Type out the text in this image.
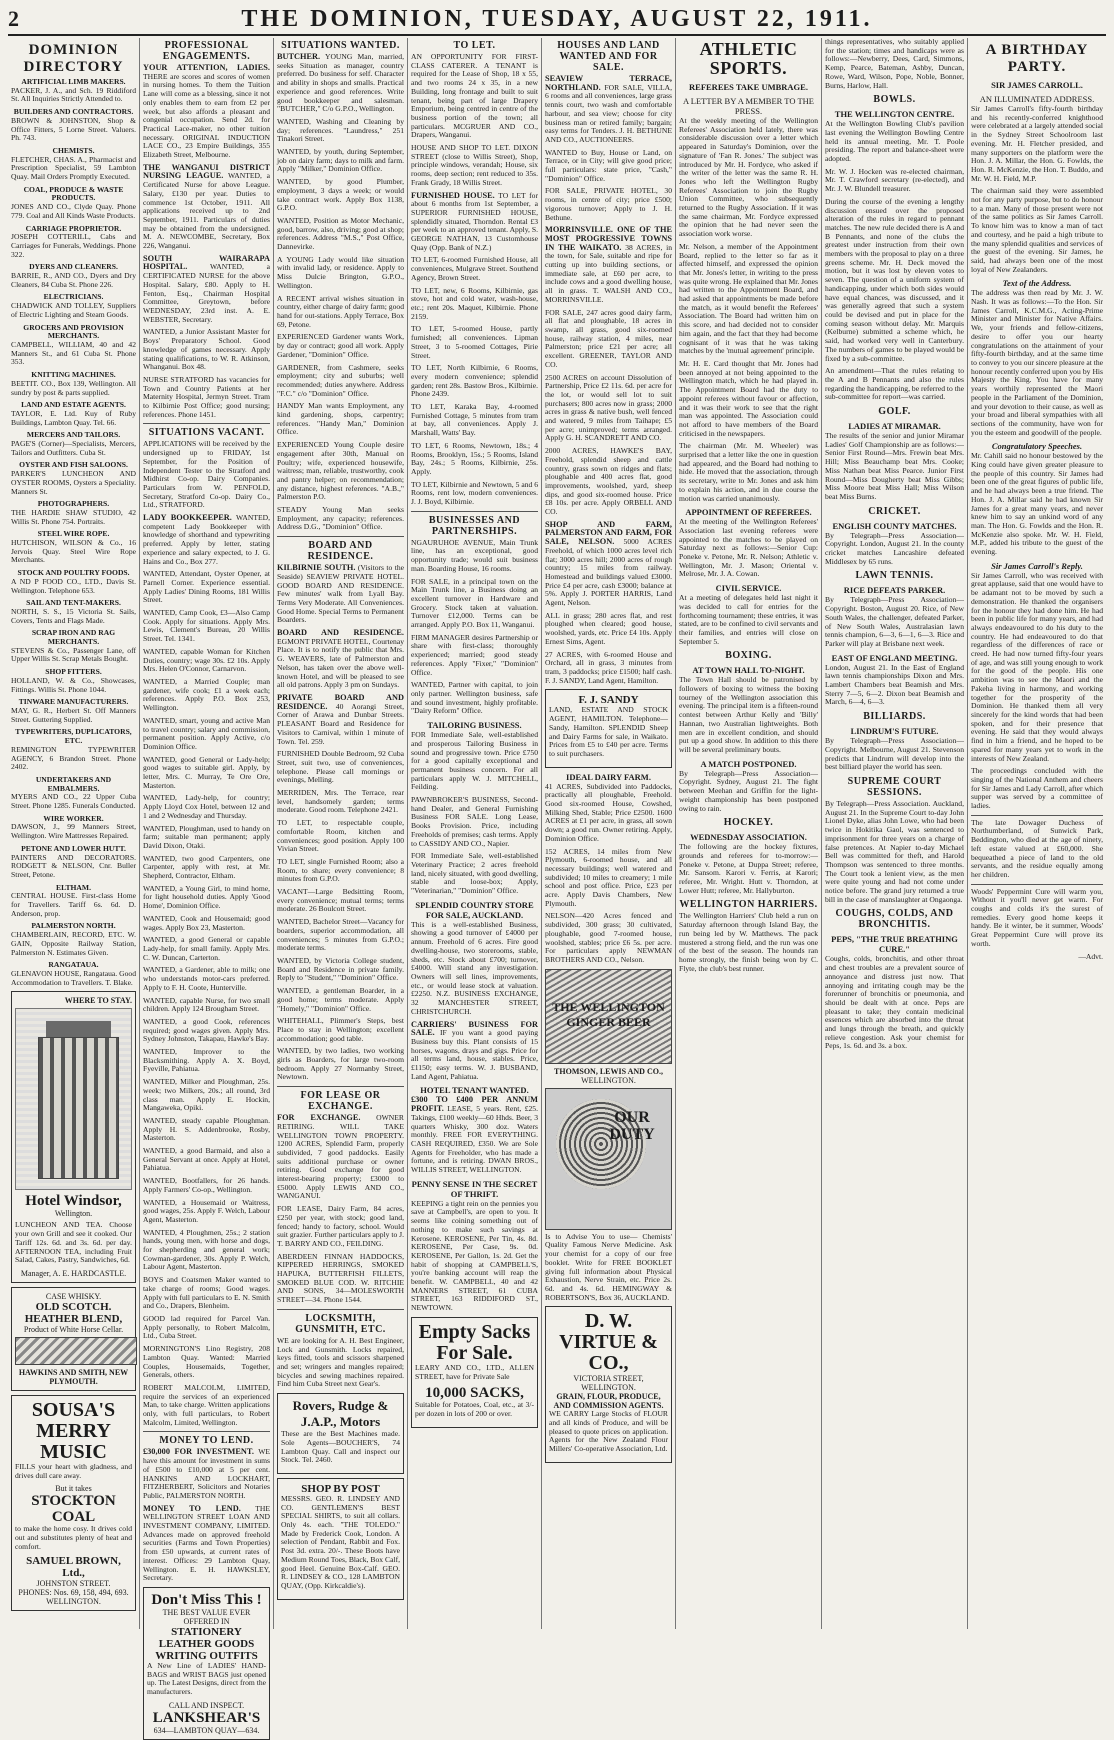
2	THE DOMINION, TUESDAY, AUGUST 22, 1911.
DOMINION DIRECTORY

ARTIFICIAL LIMB MAKERS.
PACKER, J. A., and Sch. 19 Riddiford St. All Inquiries Strictly Attended to.

BUILDERS AND CONTRACTORS.
BROWN & JOHNSTON, Shop & Office Fitters, 5 Lorne Street. Valuers. Ph. 743.

CHEMISTS.
FLETCHER, CHAS. A., Pharmacist and Prescription Specialist, 59 Lambton Quay. Mail Orders Promptly Executed.

COAL, PRODUCE & WASTE PRODUCTS.
JONES AND CO., Clyde Quay. Phone 779. Coal and All Kinds Waste Products.

CARRIAGE PROPRIETOR.
JOSEPH COTTERILL, Cabs and Carriages for Funerals, Weddings. Phone 322.

DYERS AND CLEANERS.
BARRIE, R., AND CO., Dyers and Dry Cleaners, 84 Cuba St. Phone 226.

ELECTRICIANS.
CHADWICK AND TOLLEY, Suppliers of Electric Lighting and Steam Goods.

GROCERS AND PROVISION MERCHANTS.
CAMPBELL, WILLIAM, 40 and 42 Manners St., and 61 Cuba St. Phone 353.

KNITTING MACHINES.
BEETIT. CO., Box 139, Wellington. All sundry by post & parts supplied.

LAND AND ESTATE AGENTS.
TAYLOR, E. Ltd. Kuy of Ruby Buildings, Lambton Quay. Tel. 66.

MERCERS AND TAILORS.
PAGE'S (Corner)—Specialists, Mercers, Tailors and Outfitters. Cuba St.

OYSTER AND FISH SALOONS.
PARKER'S LUNCHEON AND OYSTER ROOMS, Oysters a Speciality. Manners St.

PHOTOGRAPHERS.
THE HARDIE SHAW STUDIO, 42 Willis St. Phone 754. Portraits.

STEEL WIRE ROPE.
HUTCHISON, WILSON & Co., 16 Jervois Quay. Steel Wire Rope Merchants.

STOCK AND POULTRY FOODS.
A ND P FOOD CO., LTD., Davis St. Wellington. Telephone 653.

SAIL AND TENT-MAKERS.
NORTH, S. S., 15 Victoria St. Sails, Covers, Tents and Flags Made.

SCRAP IRON AND RAG MERCHANTS.
STEVENS & Co., Passenger Lane, off Upper Willis St. Scrap Metals Bought.

SHOP FITTERS.
HOLLAND, W. & Co., Showcases, Fittings. Willis St. Phone 1044.

TINWARE MANUFACTURERS.
MAY, G. R., Herbert St. Off Manners Street. Guttering Supplied.

TYPEWRITERS, DUPLICATORS, ETC.
REMINGTON TYPEWRITER AGENCY, 6 Brandon Street. Phone 2402.

UNDERTAKERS AND EMBALMERS.
MYERS AND CO., 22 Upper Cuba Street. Phone 1285. Funerals Conducted.

WIRE WORKER.
DAWSON, J., 99 Manners Street, Wellington. Wire Mattresses Repaired.

PETONE AND LOWER HUTT.
PAINTERS AND DECORATORS. RODGETT & NELSON, Cnr. Buller Street, Petone.

ELTHAM.
CENTRAL HOUSE. First-class Home for Travellers. Tariff 6s. 6d. D. Anderson, prop.

PALMERSTON NORTH.
CHAMBERLAIN, RECORD, ETC. W. GAIN, Opposite Railway Station, Palmerston N. Estimates Given.

RANGATAUA.
GLENAVON HOUSE, Rangataua. Good Accommodation to Travellers. T. Blake.

WHERE TO STAY.
Hotel Windsor,
Wellington.
LUNCHEON AND TEA. Choose your own Grill and see it cooked. Our Tariff 12s. 6d. and 3s. 6d. per day. AFTERNOON TEA, including Fruit Salad, Cakes, Pastry, Sandwiches, 6d.
Manager, A. E. HARDCASTLE.
CASE WHISKY.
OLD SCOTCH.
HEATHER BLEND,
Product of White Horse Cellar.
HAWKINS AND SMITH, NEW PLYMOUTH.
SOUSA'S MERRY MUSIC
FILLS your heart with gladness, and drives dull care away.
But it takes
STOCKTON COAL
to make the home cosy. It drives cold out and substitutes plenty of heat and comfort.
SAMUEL BROWN, Ltd.,
JOHNSTON STREET.
PHONES: Nos. 69, 158, 494, 693.
WELLINGTON.
PROFESSIONAL ENGAGEMENTS.

YOUR ATTENTION, LADIES. THERE are scores and scores of women in nursing homes. To them the Tuition Lane will come as a blessing, since it not only enables them to earn from £2 per week, but also affords a pleasant and congenial occupation. Send 2d. for Practical Lace-maker, no other tuition necessary. ORIGINAL INDUCTION LACE CO., 23 Empire Buildings, 355 Elizabeth Street, Melbourne.

THE WANGANUI DISTRICT NURSING LEAGUE. WANTED, a Certificated Nurse for above League. Salary, £130 per year. Duties to commence 1st October, 1911. All applications received up to 2nd September, 1911. Particulars of duties may be obtained from the undersigned. M. A. NEWCOMBE, Secretary, Box 226, Wanganui.

SOUTH WAIRARAPA HOSPITAL.	WANTED, a CERTIFICATED NURSE for the above Hospital. Salary, £80. Apply to H. Fenton, Esq., Chairman Hospital Committee, Greytown, before WEDNESDAY, 23rd inst. A. E. WEBSTER, Secretary.

WANTED, a Junior Assistant Master for Boys' Preparatory School. Good knowledge of games necessary. Apply stating qualifications, to W. R. Atkinson, Whanganui. Box 48.

NURSE STRATFORD has vacancies for Town and Country Patients at her Maternity Hospital, Jermyn Street. Tram to Kilbirnie Post Office; good nursing; references. Phone 1451.

SITUATIONS VACANT.

APPLICATIONS will be received by the undersigned up to FRIDAY, 1st September, for the Position of Independent Tester to the Stratford and Midhirst Co-op. Dairy Companies. Particulars from W. PENFOLD, Secretary, Stratford Co-op. Dairy Co., Ltd., STRATFORD.

LADY BOOKKEEPER. WANTED, competent Lady Bookkeeper with knowledge of shorthand and typewriting preferred. Apply by letter, stating experience and salary expected, to J. G. Hains and Co., Box 277.

WANTED, Attendant, Oyster Opener, at Parnell Corner. Experience essential. Apply Ladies' Dining Rooms, 181 Willis Street.

WANTED, Camp Cook, £3—Also Camp Cook. Apply for situations. Apply Mrs. Lewis, Clement's Bureau, 20 Willis Street. Tel. 1341.

WANTED, capable Woman for Kitchen Duties, country; wage 30s. £2 10s. Apply Mrs. Helen O'Connor, Carnarvon.

WANTED, a Married Couple; man gardener, wife cook; £1 a week each; references. Apply P.O. Box 253, Wellington.

WANTED, smart, young and active Man to travel country; salary and commission, permanent position. Apply Active, c/o Dominion Office.

WANTED, good General or Lady-help; good wages to suitable girl. Apply, by letter, Mrs. C. Murray, Te Ore Ore, Masterton.

WANTED, Lady-help, for country; Apply Lloyd Cox Hotel, between 12 and 1 and 2 Wednesday and Thursday.

WANTED, Ploughman, used to handy on farm; suitable man permanent; apply David Dixon, Otaki.

WANTED, two good Carpenters, one Carpenter, apply with rest, at Mr. Shepherd, Contractor, Eltham.

WANTED, a Young Girl, to mind home, for light household duties. Apply 'Good Home', Dominion Office.

WANTED, Cook and Housemaid; good wages. Apply Box 23, Masterton.

WANTED, a good General or capable Lady-help, for small family. Apply Mrs. C. W. Duncan, Carterton.

WANTED, a Gardener, able to milk; one who understands motor-cars preferred. Apply to F. H. Coote, Hunterville.

WANTED, capable Nurse, for two small children. Apply 124 Brougham Street.

WANTED, a good Cook, references required; good wages given. Apply Mrs. Sydney Johnston, Takapau, Hawke's Bay.

WANTED, Improver to the Blacksmithing. Apply A. X. Boyd, Fyeville, Pahiatua.

WANTED, Milker and Ploughman, 25s. week; two Milkers, 20s.; all round, 3rd class man. Apply E. Hockin, Mangaweka, Opiki.

WANTED, steady capable Ploughman. Apply H. S. Addenbrooke, Rosby, Masterton.

WANTED, a good Barmaid, and also a General Servant at once. Apply at Hotel, Pahiatua.

WANTED, Bootfallers, for 26 hands. Apply Farmers' Co-op., Wellington.

WANTED, a Housemaid or Waitress, good wages, 25s. Apply F. Welch, Labour Agent, Masterton.

WANTED, 4 Ploughmen, 25s.; 2 station hands, young men, with horse and dogs, for shepherding and general work; Cowman-gardener, 30s. Apply P. Welch, Labour Agent, Masterton.

BOYS and Coatsmen Maker wanted to take charge of rooms; Good wages. Apply with full particulars to E. N. Smith and Co., Drapers, Blenheim.

GOOD lad required for Parcel Van. Apply personally, to Robert Malcolm, Ltd., Cuba Street.

MORNINGTON'S Lino Registry, 208 Lambton Quay. Wanted: Married Couples, Housemaids, Together, Generals, others.

ROBERT MALCOLM, LIMITED, require the services of an experienced Man, to take charge. Written applications only, with full particulars, to Robert Malcolm, Limited, Wellington.

MONEY TO LEND.

£30,000 FOR INVESTMENT. WE have this amount for investment in sums of £500 to £10,000 at 5 per cent. HANKINS AND LOCKHART, FITZHERBERT, Solicitors and Notaries Public, PALMERSTON NORTH.

MONEY TO LEND. THE WELLINGTON STREET LOAN AND INVESTMENT COMPANY, LIMITED. Advances made on approved freehold securities (Farms and Town Properties) from £50 upwards, at current rates of interest. Offices: 29 Lambton Quay, Wellington. E. H. HAWKSLEY, Secretary.

Don't Miss This !
THE BEST VALUE EVER OFFERED IN
STATIONERY LEATHER GOODS WRITING OUTFITS
A New Line of LADIES' HAND-BAGS and WRIST BAGS just opened up. The Latest Designs, direct from the manufacturers.
CALL AND INSPECT.
LANKSHEAR'S
634—LAMBTON QUAY—634.
SITUATIONS WANTED.

BUTCHER. YOUNG Man, married, seeks Situation as manager, country preferred. Do business for self. Character and ability in shops and smalls. Practical experience and good references. Write good bookkeeper and salesman. "BUTCHER," C/o G.P.O., Wellington.

WANTED, Washing and Cleaning by day; references. "Laundress," 251 Tinakori Street.

WANTED, by youth, during September, job on dairy farm; days to milk and farm. Apply "Milker," Dominion Office.

WANTED, by good Plumber, employment, 3 days a week; or would take contract work. Apply Box 1138, G.P.O.

WANTED, Position as Motor Mechanic, good, barrow, also, driving; good at shop; references. Address "M.S.," Post Office, Dannevirke.

A YOUNG Lady would like situation with invalid lady, or residence. Apply to Miss Dulcie Brington, G.P.O., Wellington.

A RECENT arrival wishes situation in country, either charge of dairy farm; good hand for out-stations. Apply Terrace, Box 69, Petone.

EXPERIENCED Gardener wants Work, by day or contract; good all work. Apply Gardener, "Dominion" Office.

GARDENER, from Cashmere, seeks employment; city and suburbs; well recommended; duties anywhere. Address "F.C." c/o "Dominion" Office.

HANDY Man wants Employment, any kind gardening, shops, carpentry; references. "Handy Man," Dominion Office.

EXPERIENCED Young Couple desire engagement after 30th, Manual on Poultry; wife, experienced housewife, waitress; man, reliable, trustworthy, cook and pantry helper; on recommendation; any distance, highest references. "A.B.," Palmerston P.O.

STEADY Young Man seeks Employment, any capacity; references. Address D.G., "Dominion" Office.

BOARD AND RESIDENCE.

KILBIRNIE SOUTH. (Visitors to the Seaside) SEAVIEW PRIVATE HOTEL. GOOD BOARD AND RESIDENCE. Few minutes' walk from Lyall Bay. Terms Very Moderate. All Conveniences. Good Home. Special Terms to Permanent Boarders.

BOARD AND RESIDENCE. EGMONT PRIVATE HOTEL, Courtenay Place. It is to notify the public that Mrs. G. WEAVERS, late of Palmerston and Nelson, has taken over the above well-known Hotel, and will be pleased to see all old patrons. Apply 3 pm on Sundays.

PRIVATE BOARD AND RESIDENCE. 40 Aorangi Street, Corner of Arawa and Dunbar Streets. PLEASANT Board and Residence for Visitors to Carnival, within 1 minute of Town. Tel. 259.

FURNISHED Double Bedroom, 92 Cuba Street, suit two, use of conveniences, telephone. Please call mornings or evenings, Melling.

MERRIDEN, Mrs. The Terrace, rear level, handsomely garden; terms moderate. Good room. Telephone 2421.

TO LET, to respectable couple, comfortable Room, kitchen and conveniences; good position. Apply 100 Vivian Street.

TO LET, single Furnished Room; also a Room, to share; every convenience; 8 minutes from G.P.O.

VACANT—Large Bedsitting Room, every convenience; mutual terms; terms moderate. 26 Boulcott Street.

WANTED, Bachelor Street—Vacancy for boarders, superior accommodation, all conveniences; 5 minutes from G.P.O.; moderate terms.

WANTED, by Victoria College student, Board and Residence in private family. Reply to "Student," "Dominion" Office.

WANTED, a gentleman Boarder, in a good home; terms moderate. Apply "Homely," "Dominion" Office.

WHITEHALL, Plimmer's Steps, best Place to stay in Wellington; excellent accommodation; good table.

WANTED, by two ladies, two working girls as Boarders, for large two-room bedroom. Apply 27 Normanby Street, Newtown.

FOR LEASE OR EXCHANGE.

FOR EXCHANGE. OWNER RETIRING. WILL TAKE WELLINGTON TOWN PROPERTY. 1200 ACRES, Splendid Farm, properly subdivided, 7 good paddocks. Easily suits additional purchase or owner retiring. Good exchange for good interest-bearing property; £3000 to £5000. Apply LEWIS AND CO., WANGANUI.

FOR LEASE, Dairy Farm, 84 acres, £250 per year, with stock; good land, fenced; handy to factory, school. Would suit grazier. Further particulars apply to J. T. BARRY AND CO., FEILDING.

ABERDEEN FINNAN HADDOCKS, KIPPERED HERRINGS, SMOKED HAPUKA, BUTTERFISH FILLETS, SMOKED BLUE COD. W. RITCHIE AND SONS, 34—MOLESWORTH STREET—34. Phone 1544.

LOCKSMITH, GUNSMITH, ETC.
WE are looking for A. H. Best Engineer, Lock and Gunsmith. Locks repaired, keys fitted, tools and scissors sharpened and set; wringers and mangles repaired; bicycles and sewing machines repaired. Find him Cuba Street next Gear's.
Rovers, Rudge & J.A.P., Motors
These are the Best Machines made. Sole Agents—BOUCHER'S, 74 Lambton Quay. Call and inspect our Stock. Tel. 2460.
SHOP BY POST
MESSRS. GEO. R. LINDSEY AND CO. GENTLEMEN'S BEST SPECIAL SHIRTS, to suit all collars. Only 4s. each. "THE TOLEDO." Made by Frederick Cook, London. A selection of Pendant, Rabbit and Fox. Post 3d. extra. 20/-. These Boots have Medium Round Toes, Black, Box Calf, good Heel. Genuine Box-Calf. GEO. R. LINDSEY & CO., 128 LAMBTON QUAY, (Opp. Kirkcaldie's).
TO LET.

AN OPPORTUNITY FOR FIRST-CLASS CATERER. A TENANT is required for the Lease of Shop, 18 x 55, and two rooms 24 x 35, in a new Building, long frontage and built to suit tenant, being part of large Drapery Emporium, being centred in centre of the business portion of the town; all particulars. MCGRUER AND CO., Drapers, Wanganui.

HOUSE AND SHOP TO LET. DIXON STREET (close to Willis Street), Shop, principle windows, verandah; House, six rooms, deep section; rent reduced to 35s. Frank Grady, 18 Willis Street.

FURNISHED HOUSE. TO LET for about 6 months from 1st September, a SUPERIOR FURNISHED HOUSE, splendidly situated, Thorndon. Rental £3 per week to an approved tenant. Apply, S. GEORGE NATHAN, 13 Customhouse Quay (Opp. Bank of N.Z.)

TO LET, 6-roomed Furnished House, all conveniences, Mulgrave Street. Southend Agency, Brown Street.

TO LET, new, 6 Rooms, Kilbirnie, gas stove, hot and cold water, wash-house, etc.; rent 20s. Maquet, Kilbirnie. Phone 2159.

TO LET, 5-roomed House, partly furnished; all conveniences. Lipman Street, 3 to 5-roomed Cottages, Pirie Street.

TO LET, North Kilbirnie, 6 Rooms, every modern convenience; splendid garden; rent 28s. Bastow Bros., Kilbirnie. Phone 2439.

TO LET, Karaka Bay, 4-roomed Furnished Cottage, 5 minutes from tram at bay, all conveniences. Apply J. Marshall, Watts' Bay.

TO LET, 6 Rooms, Newtown, 18s.; 4 Rooms, Brooklyn, 15s.; 5 Rooms, Island Bay, 24s.; 5 Rooms, Kilbirnie, 25s. Apply.

TO LET, Kilbirnie and Newtown, 5 and 6 Rooms, rent low, modern conveniences. J. J. Boyd, Kilbirnie.

BUSINESSES AND PARTNERSHIPS.

NGAURUHOE AVENUE, Main Trunk line, has an exceptional, good opportunity trade; would suit business man. Boarding House, 16 rooms.

FOR SALE, in a principal town on the Main Trunk line, a Business doing an excellent turnover in Hardware and Grocery. Stock taken at valuation. Turnover £12,000. Terms can be arranged. Apply P.O. Box 11, Wanganui.

FIRM MANAGER desires Partnership or share with first-class; thoroughly experienced; married; good steady references. Apply "Fixer," "Dominion" Office.

WANTED, Partner with capital, to join only partner. Wellington business, safe and sound investment, highly profitable. "Dairy Reform" Office.

TAILORING BUSINESS.

FOR Immediate Sale, well-established and prosperous Tailoring Business in sound and progressive town. Price £750 for a good capitally exceptional and permanent business concern. For all particulars apply W. J. MITCHELL, Feilding.

PAWNBROKER'S BUSINESS, Second-hand Dealer, and General Furnishing Business FOR SALE. Long Lease, Books Provision. Price, including Freeholds of premises; cash terms. Apply to CASSIDY AND CO., Napier.

FOR Immediate Sale, well-established Veterinary Practice; 2 acres freehold land, nicely situated, with good dwelling, stable and loose-box; Apply, "Veterinarian," "Dominion" Office.

SPLENDID COUNTRY STORE FOR SALE, AUCKLAND.

This is a well-established Business, showing a good turnover of £4000 per annum. Freehold of 6 acres. Fire good dwelling-house, two storerooms, stable, sheds, etc. Stock about £700; turnover, £4000. Will stand any investigation. Owners will sell lines, improvements, etc., or would lease stock at valuation. £2250. N.Z. BUSINESS EXCHANGE, 32 MANCHESTER STREET, CHRISTCHURCH.

CARRIERS' BUSINESS FOR SALE. IF you want a good paying Business buy this. Plant consists of 15 horses, wagons, drays and gigs. Price for all terms land, house, stables. Price, £1150; easy terms. W. J. BUSBAND, Land Agent, Pahiatua.

HOTEL TENANT WANTED.

£300 TO £400 PER ANNUM PROFIT. LEASE, 5 years. Rent, £25. Takings, £100 weekly—60 Hhds. Beer, 3 quarters Whisky, 300 doz. Waters monthly. FREE FOR EVERYTHING. CASH REQUIRED, £350. We are Sole Agents for Freeholder, who has made a fortune, and is retiring. DWAN BROS., WILLIS STREET, WELLINGTON.

PENNY SENSE IN THE SECRET OF THRIFT.

KEEPING a tight rein on the pennies you save at Campbell's, are open to you. It seems like coining something out of nothing to make such savings at Kerosene. KEROSENE, Per Tin, 4s. 8d. KEROSENE, Per Case, 9s. 0d. KEROSENE, Per Gallon, 1s. 2d. Get the habit of shopping at CAMPBELL'S, you're banking account will reap the benefit. W. CAMPBELL, 40 and 42 MANNERS STREET, 61 CUBA STREET, 163 RIDDIFORD ST., NEWTOWN.

Empty Sacks For Sale.
LEARY AND CO., LTD., ALLEN STREET, have for Private Sale
10,000 SACKS,
Suitable for Potatoes, Coal, etc., at 3/- per dozen in lots of 200 or over.
HOUSES AND LAND WANTED AND FOR SALE.

SEAVIEW TERRACE, NORTHLAND. FOR SALE, VILLA, 6 rooms and all conveniences, large grass tennis court, two wash and comfortable harbour, and sea view; choose for city business man or retired family; bargain; easy terms for Tenders. J. H. BETHUNE AND CO., AUCTIONEERS.

WANTED to Buy, House or Land, on Terrace, or in City; will give good price; full particulars: state price, "Cash," "Dominion" Office.

FOR SALE, PRIVATE HOTEL, 30 rooms, in centre of city; price £500; vigorous turnover; Apply to J. H. Bethune.

MORRINSVILLE. ONE OF THE MOST PROGRESSIVE TOWNS IN THE WAIKATO. 38 ACRES, in the town, for Sale, suitable and ripe for cutting up into building sections, or immediate sale, at £60 per acre, to include cows and a good dwelling house, all in grass. T. WALSH AND CO., MORRINSVILLE.

FOR SALE, 247 acres good dairy farm, all flat and ploughable, 18 acres in swamp, all grass, good six-roomed house, railway station, 4 miles, near Palmerston; price £21 per acre; all excellent. GREENER, TAYLOR AND CO.

2500 ACRES on account Dissolution of Partnership, Price £2 11s. 6d. per acre for the lot, or would sell lot to suit purchasers; 800 acres now in grass; 2000 acres in grass & native bush, well fenced and watered, 9 miles from Taihape; £5 per acre; unimproved; terms arranged. Apply G. H. SCANDRETT AND CO.

2000 ACRES, HAWKE'S BAY, Freehold, splendid sheep and cattle country, grass sown on ridges and flats; ploughable and 400 acres flat, good improvements, woolshed, yard, sheep dips, and good six-roomed house. Price £8 10s. per acre. Apply ORBELL AND CO.

SHOP AND FARM, PALMERSTON AND FARM, FOR SALE, NELSON. 5000 ACRES Freehold, of which 1000 acres level rich flat; 3000 acres hill; 2000 acres of rough country; 15 miles from railway. Homestead and buildings valued £3000. Price £4 per acre, cash £3000; balance at 5%. Apply J. PORTER HARRIS, Land Agent, Nelson.

ALL in grass; 280 acres flat, and rest ploughed when cleared; good house, woolshed, yards, etc. Price £4 10s. Apply Ernest Sims, Agent.

27 ACRES, with 6-roomed House and Orchard, all in grass, 3 minutes from tram, 3 paddocks; price £1500; half cash. F. J. SANDY, Land Agent, Hamilton.

F. J. SANDY
LAND, ESTATE AND STOCK AGENT, HAMILTON. Telephone—Sandy, Hamilton. SPLENDID Sheep and Dairy Farms for sale, in Waikato. Prices from £5 to £40 per acre. Terms to suit purchasers.
IDEAL DAIRY FARM.
41 ACRES, Subdivided into Paddocks, practically all ploughable, Freehold. Good six-roomed House, Cowshed, Milking Shed, Stable; Price £2500. 1600 ACRES at £1 per acre, in grass, all sown down; a good run. Owner retiring. Apply, Dominion Office.

152 ACRES, 14 miles from New Plymouth, 6-roomed house, and all necessary buildings; well watered and subdivided; 10 miles to creamery; 1 mile school and post office. Price, £23 per acre. Apply Davis Chambers, New Plymouth.

NELSON—420 Acres fenced and subdivided, 300 grass; 30 cultivated, ploughable, good 7-roomed house, woolshed, stables; price £6 5s. per acre. For particulars apply NEWMAN BROTHERS AND CO., Nelson.

THE WELLINGTON GINGER BEER
THOMSON, LEWIS AND CO.,
WELLINGTON.
OUR DUTY
Is to Advise You to use— Chemists' Quality Famous Nerve Medicine. Ask your chemist for a copy of our free booklet. Write for FREE BOOKLET giving full information about Physical Exhaustion, Nerve Strain, etc. Price 2s. 6d. and 4s. 6d. HEMINGWAY & ROBERTSON'S, Box 36, AUCKLAND.
D. W. VIRTUE & CO.,
VICTORIA STREET, WELLINGTON.
GRAIN, FLOUR, PRODUCE, AND COMMISSION AGENTS.
WE CARRY Large Stocks of FLOUR and all kinds of Produce, and will be pleased to quote prices on application. Agents for the New Zealand Flour Millers' Co-operative Association, Ltd.
ATHLETIC SPORTS.
REFEREES TAKE UMBRAGE.
A LETTER BY A MEMBER TO THE PRESS.

At the weekly meeting of the Wellington Referees' Association held lately, there was considerable discussion over a letter which appeared in Saturday's Dominion, over the signature of 'Fan R. Jones.' The subject was introduced by Mr. H. Fordyce, who asked if the writer of the letter was the same R. H. Jones who left the Wellington Rugby Referees' Association to join the Rugby Union Committee, who subsequently returned to the Rugby Association. If it was the same chairman, Mr. Fordyce expressed the opinion that he had never seen the association work worse.

Mr. Nelson, a member of the Appointment Board, replied to the letter so far as it affected himself, and expressed the opinion that Mr. Jones's letter, in writing to the press was quite wrong. He explained that Mr. Jones had written to the Appointment Board, and had asked that appointments be made before the match, as it would benefit the Referees' Association. The Board had written him on this score, and had decided not to consider him again, and the fact that they had become cognisant of it was that he was taking matches by the 'mutual agreement' principle.

Mr. H. E. Card thought that Mr. Jones had been annoyed at not being appointed to the Wellington match, which he had played in. The Appointment Board had the duty to appoint referees without favour or affection, and it was their work to see that the right man was appointed. The Association could not afford to have members of the Board criticised in the newspapers.

The chairman (Mr. M. Wheeler) was surprised that a letter like the one in question had appeared, and the Board had nothing to hide. He moved that the association, through its secretary, write to Mr. Jones and ask him to explain his action, and in due course the motion was carried unanimously.

APPOINTMENT OF REFEREES.

At the meeting of the Wellington Referees' Association last evening referees were appointed to the matches to be played on Saturday next as follows:—Senior Cup: Poneke v. Petone, Mr. R. Nelson; Athletic v. Wellington, Mr. J. Mason; Oriental v. Melrose, Mr. J. A. Cowan.

CIVIL SERVICE.

At a meeting of delegates held last night it was decided to call for entries for the forthcoming tournament; these entries, it was stated, are to be confined to civil servants and their families, and entries will close on September 5.

BOXING.
AT TOWN HALL TO-NIGHT.

The Town Hall should be patronised by followers of boxing to witness the boxing tourney of the Wellington association this evening. The principal item is a fifteen-round contest between Arthur Kelly and 'Billy' Hannan, two Australian lightweights. Both men are in excellent condition, and should put up a good show. In addition to this there will be several preliminary bouts.

A MATCH POSTPONED.

By Telegraph—Press Association—Copyright. Sydney, August 21. The fight between Meehan and Griffin for the light-weight championship has been postponed owing to rain.

HOCKEY.
WEDNESDAY ASSOCIATION.

The following are the hockey fixtures, grounds and referees for to-morrow:—Poneke v. Petone, at Duppa Street; referee, Mr. Sansom. Karori v. Ferris, at Karori; referee, Mr. Wright. Hutt v. Thorndon, at Lower Hutt; referee, Mr. Hallyburton.

WELLINGTON HARRIERS.

The Wellington Harriers' Club held a run on Saturday afternoon through Island Bay, the run being led by W. Matthews. The pack mustered a strong field, and the run was one of the best of the season. The hounds ran home strongly, the finish being won by C. Flyte, the club's best runner.

things representatives, who suitably applied for the station; times and handicaps were as follows:—Newberry, Dees, Card, Simmons, Kemp, Pearce, Bateman, Ashby, Duncan, Rowe, Ward, Wilson, Pope, Noble, Bonner, Burns, Harlow, Hall.

BOWLS.
THE WELLINGTON CENTRE.

At the Wellington Bowling Club's pavilion last evening the Wellington Bowling Centre held its annual meeting, Mr. T. Poole presiding. The report and balance-sheet were adopted.

Mr. W. J. Hocken was re-elected chairman, Mr. T. Crawford secretary (re-elected), and Mr. J. W. Blundell treasurer.

During the course of the evening a lengthy discussion ensued over the proposed alteration of the rules in regard to pennant matches. The new rule decided there is A and B Pennants, and none of the clubs the greatest under instruction from their own members with the proposal to play on a three greens scheme. Mr. H. Deck moved the motion, but it was lost by eleven votes to seven. The question of a uniform system of handicapping, under which both sides would have equal chances, was discussed, and it was generally agreed that such a system could be devised and put in place for the coming season without delay. Mr. Marquis (Kelburne) submitted a scheme which, he said, had worked very well in Canterbury. The numbers of games to be played would be fixed by a sub-committee.

An amendment—That the rules relating to the A and B Pennants and also the rules regarding the handicapping, be referred to the sub-committee for report—was carried.

GOLF.
LADIES AT MIRAMAR.

The results of the senior and junior Miramar Ladies' Golf Championship are as follows:—Senior First Round—Mrs. Frewin beat Mrs. Hill; Miss Beauchamp beat Mrs. Cooke; Miss Nathan beat Miss Pearce. Junior First Round—Miss Dougherty beat Miss Gibbs; Miss Moore beat Miss Hall; Miss Wilson beat Miss Burns.

CRICKET.
ENGLISH COUNTY MATCHES.

By Telegraph—Press Association—Copyright. London, August 21. In the county cricket matches Lancashire defeated Middlesex by 65 runs.

LAWN TENNIS.
RICE DEFEATS PARKER.

By Telegraph—Press Association—Copyright. Boston, August 20. Rice, of New South Wales, the challenger, defeated Parker, of New South Wales, Australasian lawn tennis champion, 6—3, 6—1, 6—3. Rice and Parker will play at Brisbane next week.

EAST OF ENGLAND MEETING.

London, August 21. In the East of England lawn tennis championships Dixon and Mrs. Lambert Chambers beat Beamish and Mrs. Sterry 7—5, 6—2. Dixon beat Beamish and March, 6—4, 6—3.

BILLIARDS.
LINDRUM'S FUTURE.

By Telegraph—Press Association—Copyright. Melbourne, August 21. Stevenson predicts that Lindrum will develop into the best billiard player the world has seen.

SUPREME COURT SESSIONS.

By Telegraph—Press Association. Auckland, August 21. In the Supreme Court to-day John Lionel Dyke, alias John Lowe, who had been twice in Hokitika Gaol, was sentenced to imprisonment for three years on a charge of false pretences. At Napier to-day Michael Bell was committed for theft, and Harold Thompson was sentenced to three months. The Court took a lenient view, as the men were quite young and had not come under notice before. The grand jury returned a true bill in the case of manslaughter at Ongaonga.

COUGHS, COLDS, AND BRONCHITIS.
PEPS, "THE TRUE BREATHING CURE."

Coughs, colds, bronchitis, and other throat and chest troubles are a prevalent source of annoyance and distress just now. That annoying and irritating cough may be the forerunner of bronchitis or pneumonia, and should be dealt with at once. Peps are pleasant to take; they contain medicinal essences which are absorbed into the throat and lungs through the breath, and quickly relieve congestion. Ask your chemist for Peps, 1s. 6d. and 3s. a box.

A BIRTHDAY PARTY.
SIR JAMES CARROLL.
AN ILLUMINATED ADDRESS.

Sir James Carroll's fifty-fourth birthday and his recently-conferred knighthood were celebrated at a largely attended social in the Sydney Street Schoolroom last evening. Mr. H. Fletcher presided, and many supporters on the platform were the Hon. J. A. Millar, the Hon. G. Fowlds, the Hon. R. McKenzie, the Hon. T. Buddo, and Mr. W. H. Field, M.P.

The chairman said they were assembled not for any party purpose, but to do honour to a man. Many of those present were not of the same politics as Sir James Carroll. To know him was to know a man of tact and courtesy, and he paid a high tribute to the many splendid qualities and services of the guest of the evening. Sir James, he said, had always been one of the most loyal of New Zealanders.

Text of the Address.

The address was then read by Mr. J. W. Nash. It was as follows:—To the Hon. Sir James Carroll, K.C.M.G., Acting-Prime Minister and Minister for Native Affairs. We, your friends and fellow-citizens, desire to offer you our hearty congratulations on the attainment of your fifty-fourth birthday, and at the same time to convey to you our sincere pleasure at the honour recently conferred upon you by His Majesty the King. You have for many years worthily represented the Maori people in the Parliament of the Dominion, and your devotion to their cause, as well as your broad and liberal sympathies with all sections of the community, have won for you the esteem and goodwill of the people.

Congratulatory Speeches.

Mr. Cahill said no honour bestowed by the King could have given greater pleasure to the people of this country. Sir James had been one of the great figures of public life, and he had always been a true friend. The Hon. J. A. Millar said he had known Sir James for a great many years, and never knew him to say an unkind word of any man. The Hon. G. Fowlds and the Hon. R. McKenzie also spoke. Mr. W. H. Field, M.P., added his tribute to the guest of the evening.

Sir James Carroll's Reply.

Sir James Carroll, who was received with great applause, said that one would have to be adamant not to be moved by such a demonstration. He thanked the organisers for the honour they had done him. He had been in public life for many years, and had always endeavoured to do his duty to the country. He had endeavoured to do that regardless of the differences of race or creed. He had now turned fifty-four years of age, and was still young enough to work for the good of the people. His one ambition was to see the Maori and the Pakeha living in harmony, and working together for the prosperity of the Dominion. He thanked them all very sincerely for the kind words that had been spoken, and for their presence that evening. He said that they would always find in him a friend, and he hoped to be spared for many years yet to work in the interests of New Zealand.

The proceedings concluded with the singing of the National Anthem and cheers for Sir James and Lady Carroll, after which supper was served by a committee of ladies.

The late Dowager Duchess of Northumberland, of Sunwick Park, Beddington, who died at the age of ninety, left estate valued at £60,000. She bequeathed a piece of land to the old servants, and the residue equally among her children.

Woods' Peppermint Cure will warm you, Without it you'll never get warm. For coughs and colds it's the surest of remedies. Every good home keeps it handy. Be it winter, be it summer, Woods' Great Peppermint Cure will prove its worth.

—Advt.
